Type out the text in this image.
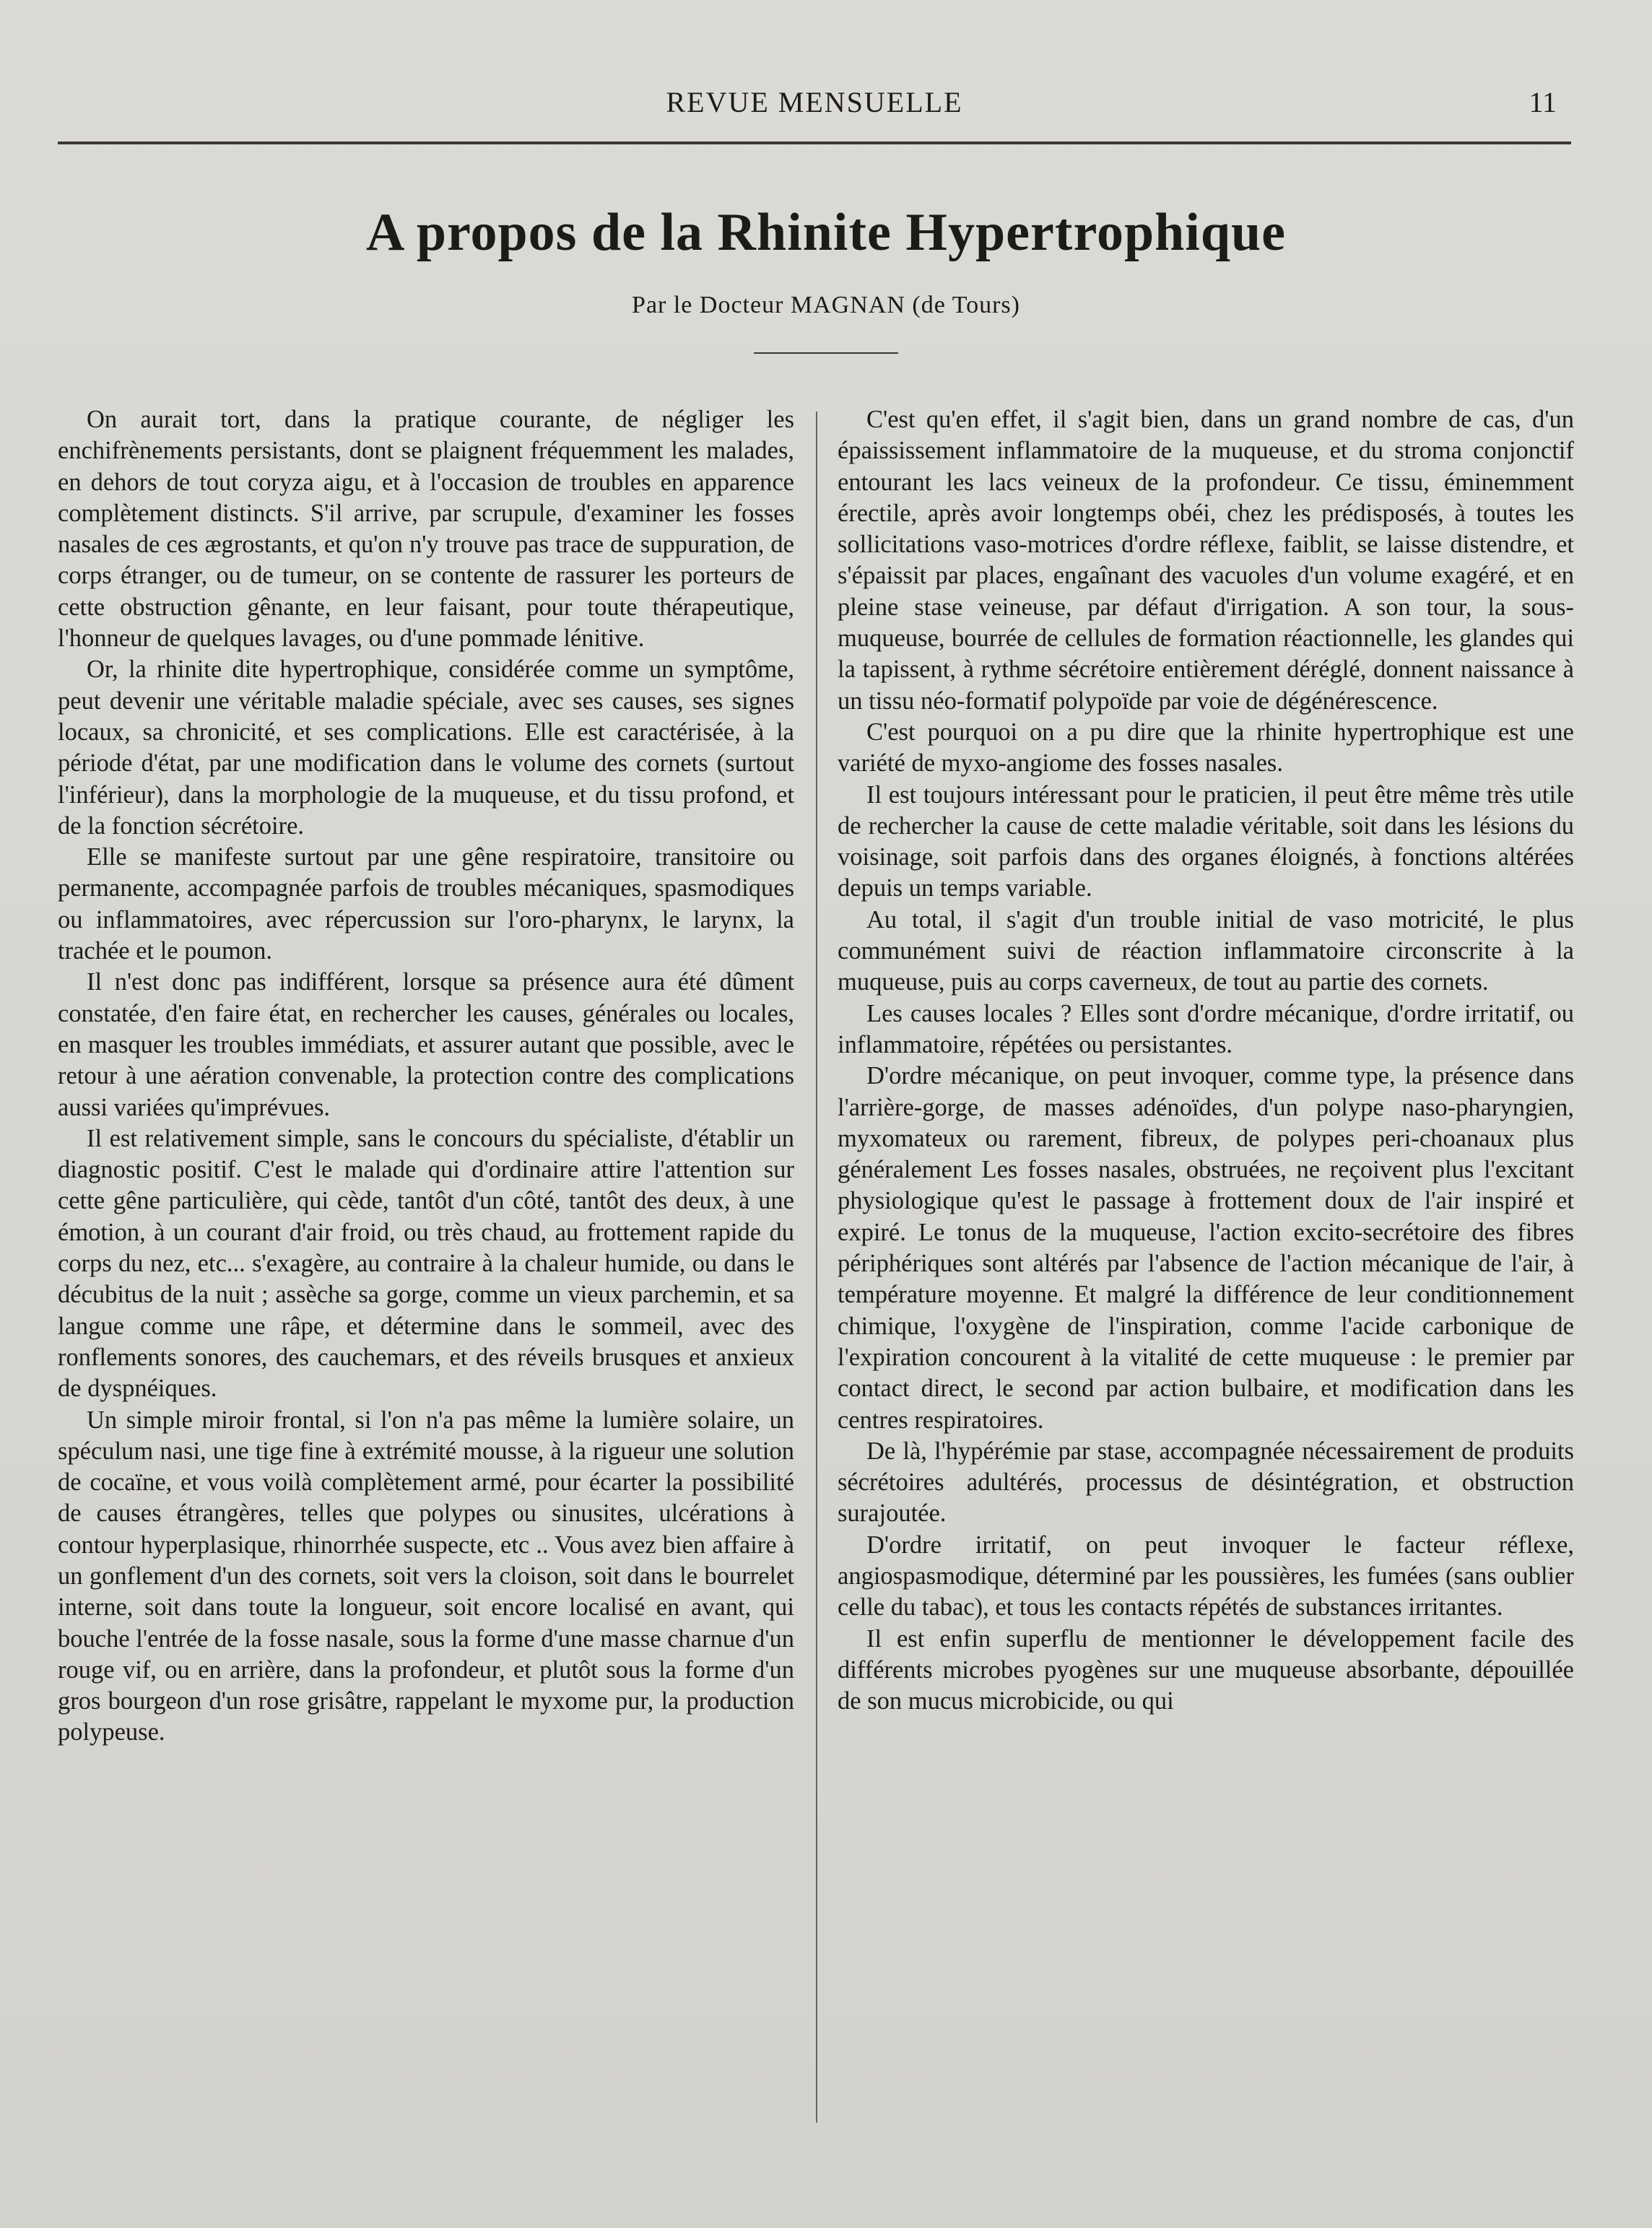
REVUE MENSUELLE	11
A propos de la Rhinite Hypertrophique
Par le Docteur MAGNAN (de Tours)

On aurait tort, dans la pratique courante, de négliger les enchifrènements persistants, dont se plaignent fréquemment les malades, en dehors de tout coryza aigu, et à l'occasion de troubles en apparence complètement distincts. S'il arrive, par scrupule, d'examiner les fosses nasales de ces ægrostants, et qu'on n'y trouve pas trace de suppuration, de corps étranger, ou de tumeur, on se contente de rassurer les porteurs de cette obstruction gênante, en leur faisant, pour toute thérapeutique, l'honneur de quelques lavages, ou d'une pommade lénitive.

Or, la rhinite dite hypertrophique, considérée comme un symptôme, peut devenir une véritable maladie spéciale, avec ses causes, ses signes locaux, sa chronicité, et ses complications. Elle est caractérisée, à la période d'état, par une modification dans le volume des cornets (surtout l'inférieur), dans la morphologie de la muqueuse, et du tissu profond, et de la fonction sécrétoire.

Elle se manifeste surtout par une gêne respiratoire, transitoire ou permanente, accompagnée parfois de troubles mécaniques, spasmodiques ou inflammatoires, avec répercussion sur l'oro-pharynx, le larynx, la trachée et le poumon.

Il n'est donc pas indifférent, lorsque sa présence aura été dûment constatée, d'en faire état, en rechercher les causes, générales ou locales, en masquer les troubles immédiats, et assurer autant que possible, avec le retour à une aération convenable, la protection contre des complications aussi variées qu'imprévues.

Il est relativement simple, sans le concours du spécialiste, d'établir un diagnostic positif. C'est le malade qui d'ordinaire attire l'attention sur cette gêne particulière, qui cède, tantôt d'un côté, tantôt des deux, à une émotion, à un courant d'air froid, ou très chaud, au frottement rapide du corps du nez, etc... s'exagère, au contraire à la chaleur humide, ou dans le décubitus de la nuit ; assèche sa gorge, comme un vieux parchemin, et sa langue comme une râpe, et détermine dans le sommeil, avec des ronflements sonores, des cauchemars, et des réveils brusques et anxieux de dyspnéiques.

Un simple miroir frontal, si l'on n'a pas même la lumière solaire, un spéculum nasi, une tige fine à extrémité mousse, à la rigueur une solution de cocaïne, et vous voilà complètement armé, pour écarter la possibilité de causes étrangères, telles que polypes ou sinusites, ulcérations à contour hyperplasique, rhinorrhée suspecte, etc .. Vous avez bien affaire à un gonflement d'un des cornets, soit vers la cloison, soit dans le bourrelet interne, soit dans toute la longueur, soit encore localisé en avant, qui bouche l'entrée de la fosse nasale, sous la forme d'une masse charnue d'un rouge vif, ou en arrière, dans la profondeur, et plutôt sous la forme d'un gros bourgeon d'un rose grisâtre, rappelant le myxome pur, la production polypeuse.

C'est qu'en effet, il s'agit bien, dans un grand nombre de cas, d'un épaississement inflammatoire de la muqueuse, et du stroma conjonctif entourant les lacs veineux de la profondeur. Ce tissu, éminemment érectile, après avoir longtemps obéi, chez les prédisposés, à toutes les sollicitations vaso-motrices d'ordre réflexe, faiblit, se laisse distendre, et s'épaissit par places, engaînant des vacuoles d'un volume exagéré, et en pleine stase veineuse, par défaut d'irrigation. A son tour, la sous-muqueuse, bourrée de cellules de formation réactionnelle, les glandes qui la tapissent, à rythme sécrétoire entièrement déréglé, donnent naissance à un tissu néo-formatif polypoïde par voie de dégénérescence.

C'est pourquoi on a pu dire que la rhinite hypertrophique est une variété de myxo-angiome des fosses nasales.

Il est toujours intéressant pour le praticien, il peut être même très utile de rechercher la cause de cette maladie véritable, soit dans les lésions du voisinage, soit parfois dans des organes éloignés, à fonctions altérées depuis un temps variable.

Au total, il s'agit d'un trouble initial de vaso motricité, le plus communément suivi de réaction inflammatoire circonscrite à la muqueuse, puis au corps caverneux, de tout au partie des cornets.

Les causes locales ? Elles sont d'ordre mécanique, d'ordre irritatif, ou inflammatoire, répétées ou persistantes.

D'ordre mécanique, on peut invoquer, comme type, la présence dans l'arrière-gorge, de masses adénoïdes, d'un polype naso-pharyngien, myxomateux ou rarement, fibreux, de polypes peri-choanaux plus généralement Les fosses nasales, obstruées, ne reçoivent plus l'excitant physiologique qu'est le passage à frottement doux de l'air inspiré et expiré. Le tonus de la muqueuse, l'action excito-secrétoire des fibres périphériques sont altérés par l'absence de l'action mécanique de l'air, à température moyenne. Et malgré la différence de leur conditionnement chimique, l'oxygène de l'inspiration, comme l'acide carbonique de l'expiration concourent à la vitalité de cette muqueuse : le premier par contact direct, le second par action bulbaire, et modification dans les centres respiratoires.

De là, l'hypérémie par stase, accompagnée nécessairement de produits sécrétoires adultérés, processus de désintégration, et obstruction surajoutée.

D'ordre irritatif, on peut invoquer le facteur réflexe, angiospasmodique, déterminé par les poussières, les fumées (sans oublier celle du tabac), et tous les contacts répétés de substances irritantes.

Il est enfin superflu de mentionner le développement facile des différents microbes pyogènes sur une muqueuse absorbante, dépouillée de son mucus microbicide, ou qui
